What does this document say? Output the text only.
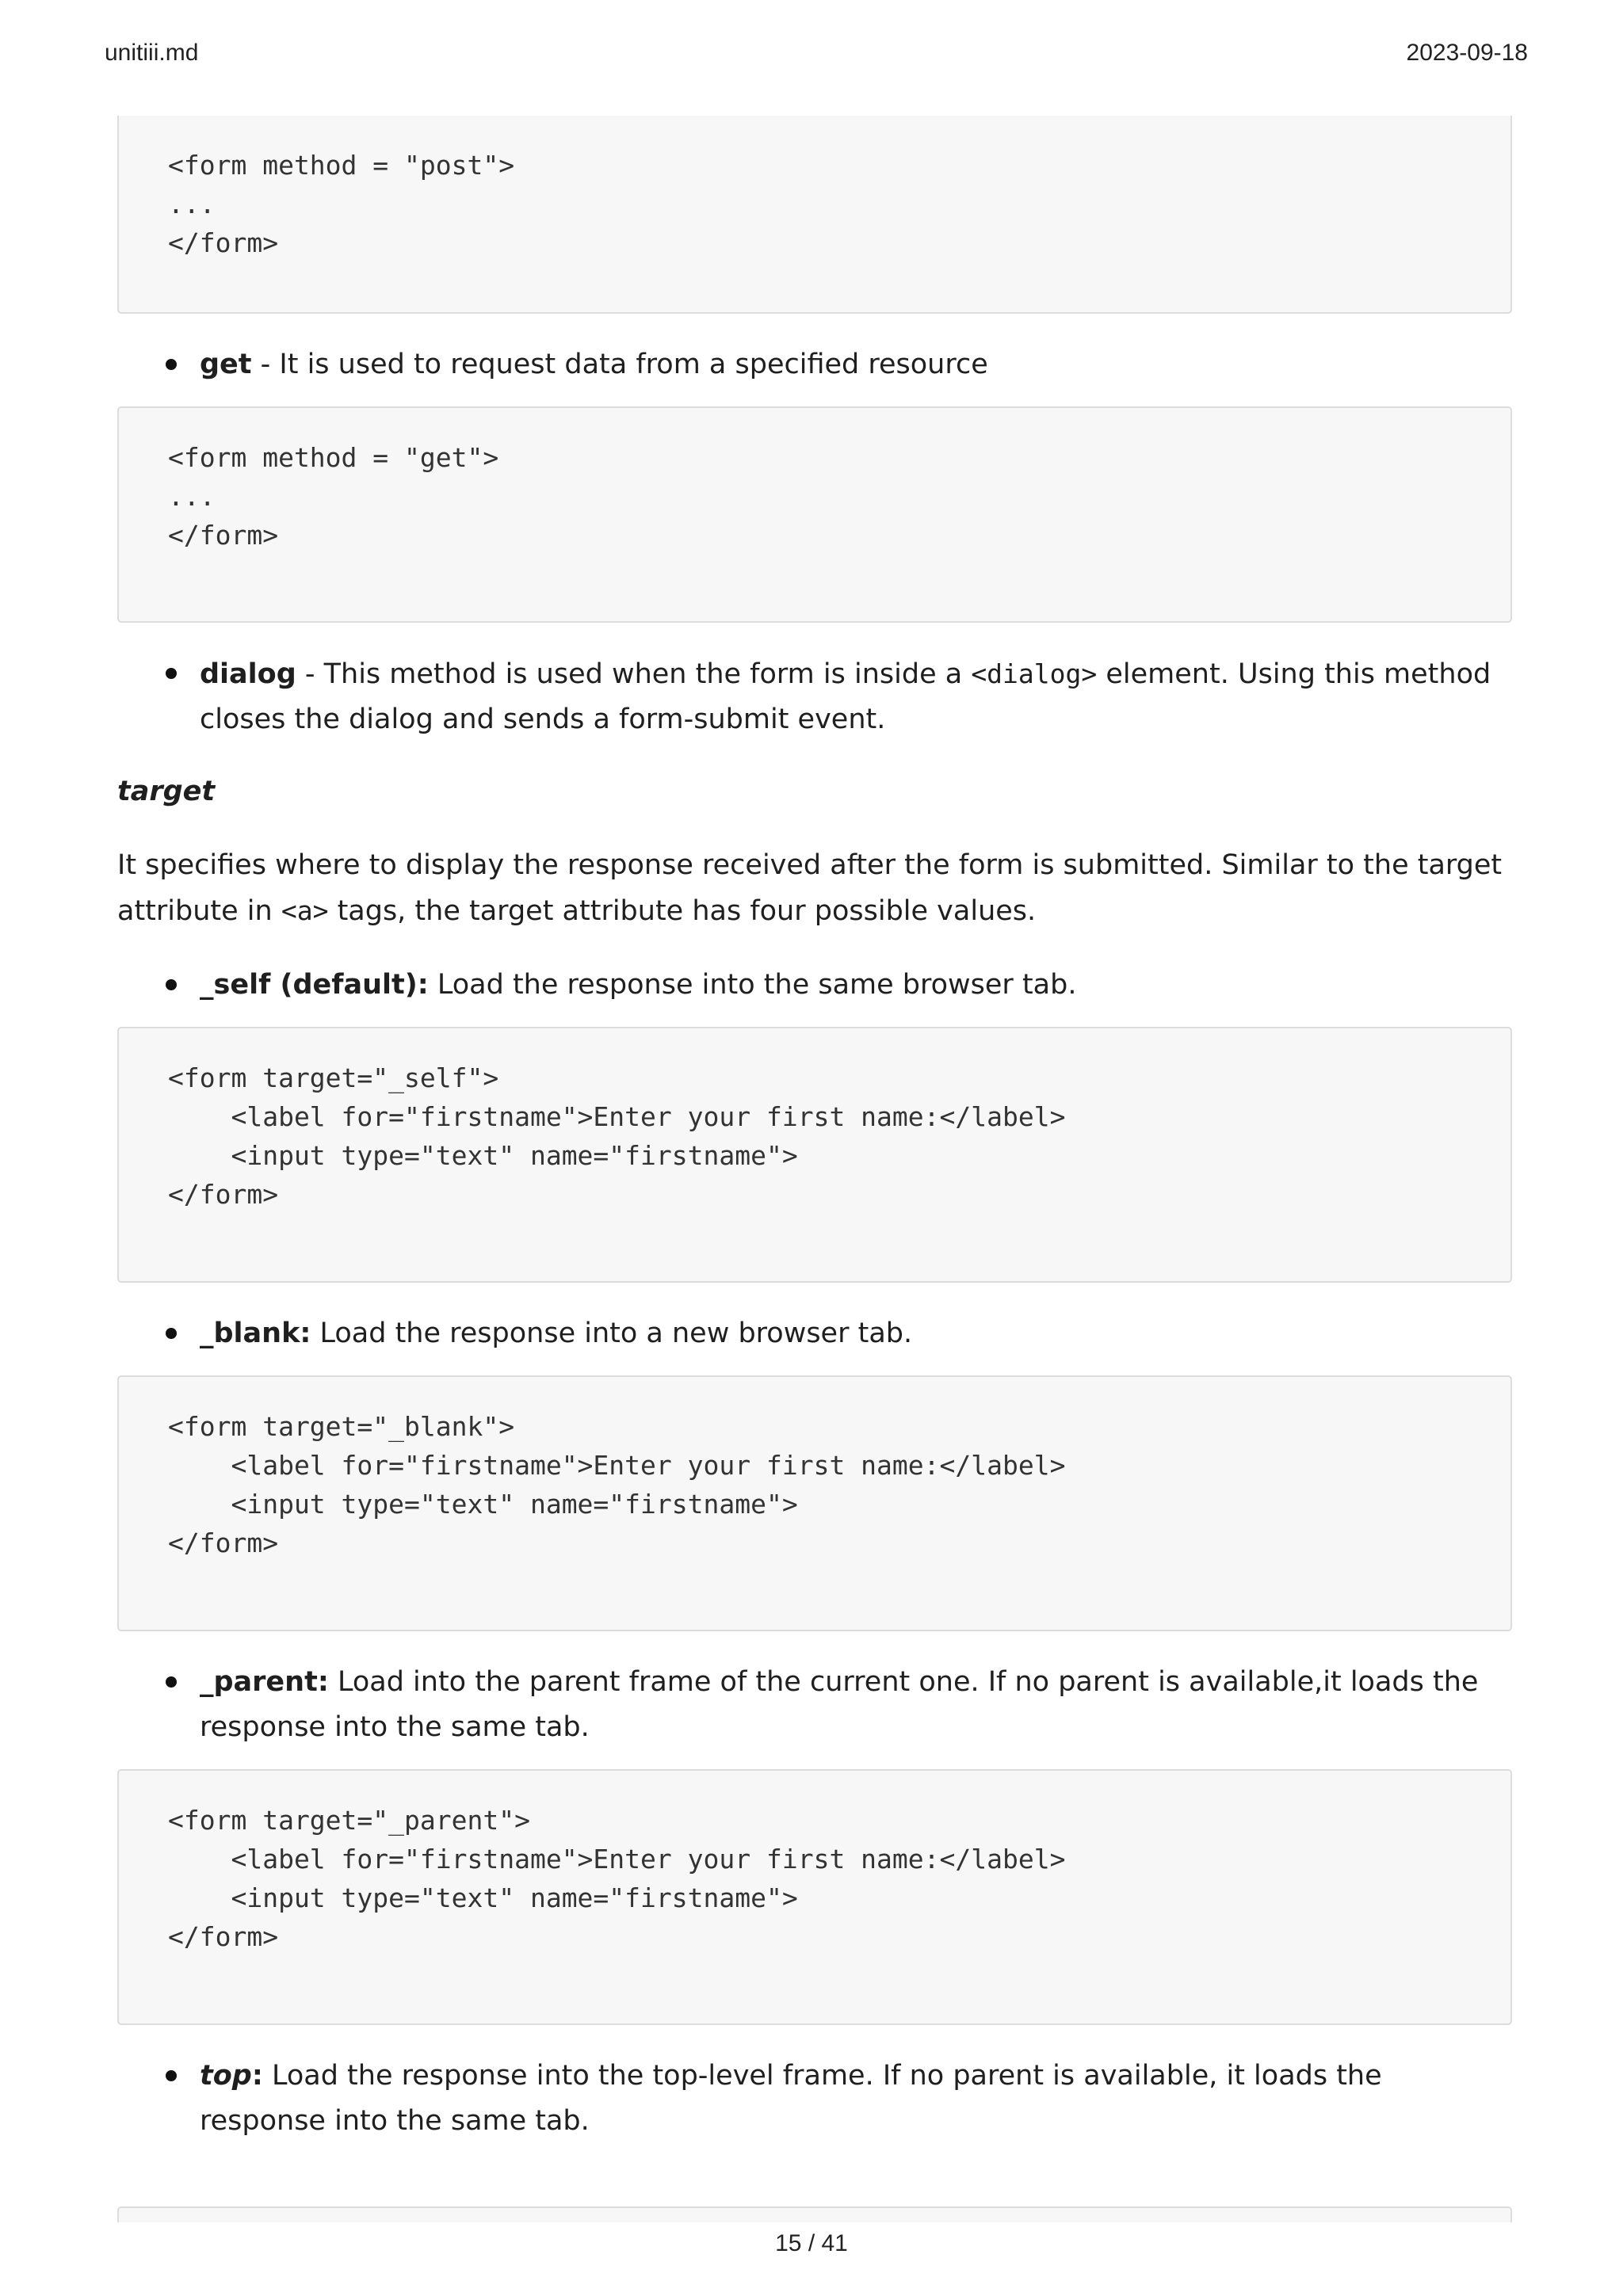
unitiii.md	2023-09-18
<form method = "post">
...
</form>
get - It is used to request data from a specified resource
<form method = "get">
...
</form>
dialog - This method is used when the form is inside a <dialog> element. Using this method closes the dialog and sends a form-submit event.
target
It specifies where to display the response received after the form is submitted. Similar to the target attribute in <a> tags, the target attribute has four possible values.
_self (default): Load the response into the same browser tab.
<form target="_self">
<label for="firstname">Enter your first name:</label>
<input type="text" name="firstname">
</form>
_blank: Load the response into a new browser tab.
<form target="_blank">
<label for="firstname">Enter your first name:</label>
<input type="text" name="firstname">
</form>
_parent: Load into the parent frame of the current one. If no parent is available,it loads the response into the same tab.
<form target="_parent">
<label for="firstname">Enter your first name:</label>
<input type="text" name="firstname">
</form>
top: Load the response into the top-level frame. If no parent is available, it loads the response into the same tab.
15 / 41
